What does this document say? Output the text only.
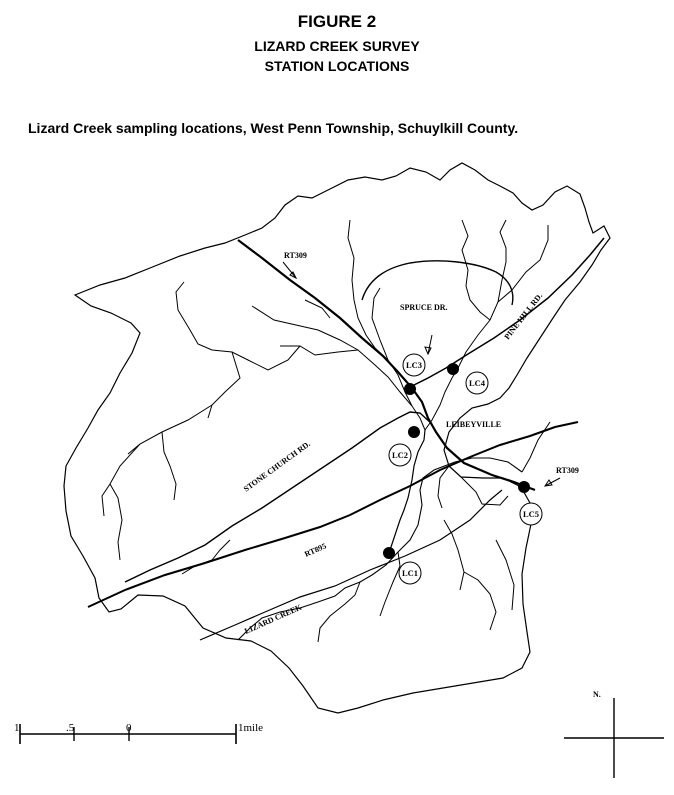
FIGURE 2
LIZARD CREEK SURVEY
STATION LOCATIONS
Lizard Creek sampling locations, West Penn Township, Schuylkill County.
RT309
RT309
SPRUCE DR.	PINE HILL RD.
STONE CHURCH RD.
RT895
LEIBEYVILLE
LIZARD CREEK
LC1
LC2
LC3
LC4
LC5
1	.5	0	1mile
N.
